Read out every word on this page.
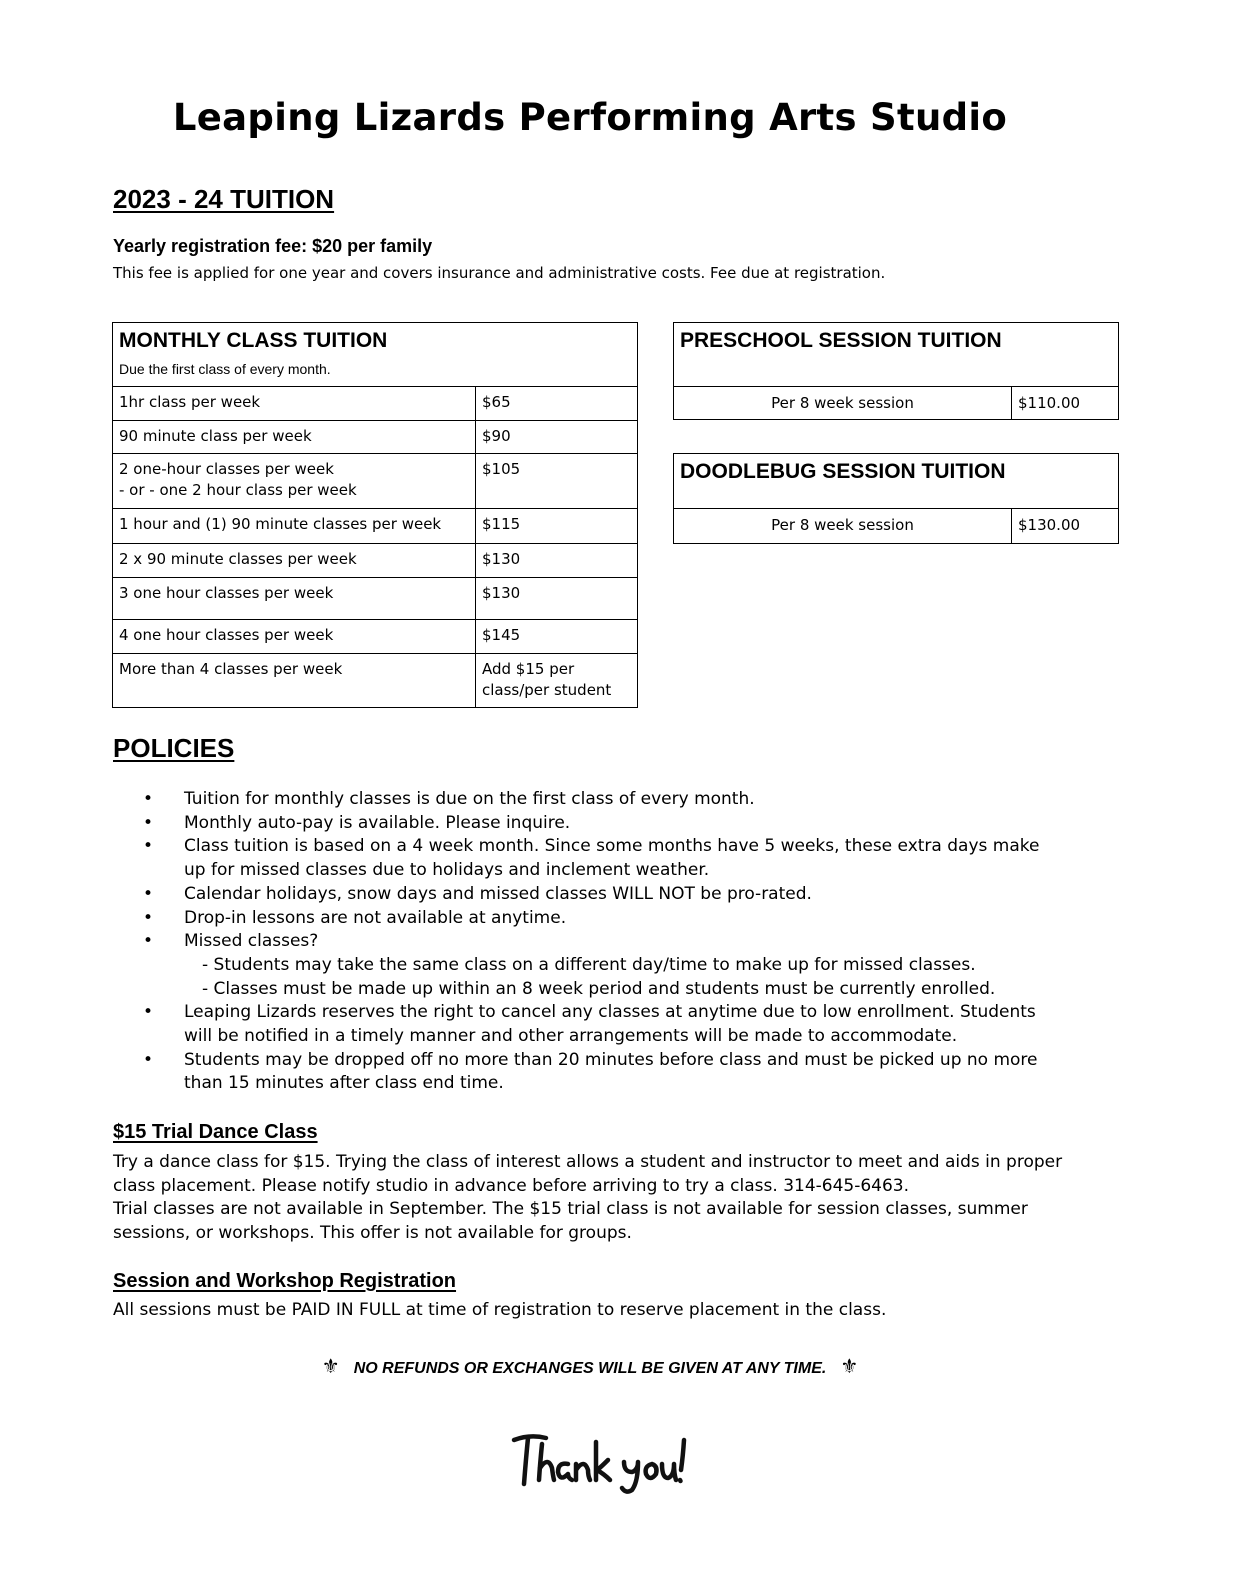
Leaping Lizards Performing Arts Studio
2023 - 24 TUITION
Yearly registration fee: $20 per family
This fee is applied for one year and covers insurance and administrative costs. Fee due at registration.
MONTHLY CLASS TUITION
Due the first class of every month.	

1hr class per week	$65
90 minute class per week	$90

2 one-hour classes per week
- or - one 2 hour class per week	$105
1 hour and (1) 90 minute classes per week	$115
2 x 90 minute classes per week	$130
3 one hour classes per week	$130
4 one hour classes per week	$145
More than 4 classes per week	Add $15 per
class/per student
PRESCHOOL SESSION TUITION
Per 8 week session	$110.00
DOODLEBUG SESSION TUITION
Per 8 week session	$130.00
POLICIES
• Tuition for monthly classes is due on the first class of every month.
• Monthly auto-pay is available. Please inquire.
• Class tuition is based on a 4 week month. Since some months have 5 weeks, these extra days make up for missed classes due to holidays and inclement weather.
• Calendar holidays, snow days and missed classes WILL NOT be pro-rated.
• Drop-in lessons are not available at anytime.
• Missed classes?
- Students may take the same class on a different day/time to make up for missed classes.
- Classes must be made up within an 8 week period and students must be currently enrolled.
• Leaping Lizards reserves the right to cancel any classes at anytime due to low enrollment. Students will be notified in a timely manner and other arrangements will be made to accommodate.
• Students may be dropped off no more than 20 minutes before class and must be picked up no more than 15 minutes after class end time.
$15 Trial Dance Class

Try a dance class for $15. Trying the class of interest allows a student and instructor to meet and aids in proper class placement. Please notify studio in advance before arriving to try a class. 314-645-6463.
Trial classes are not available in September. The $15 trial class is not available for session classes, summer sessions, or workshops. This offer is not available for groups.

Session and Workshop Registration

All sessions must be PAID IN FULL at time of registration to reserve placement in the class.

⚜ NO REFUNDS OR EXCHANGES WILL BE GIVEN AT ANY TIME. ⚜
